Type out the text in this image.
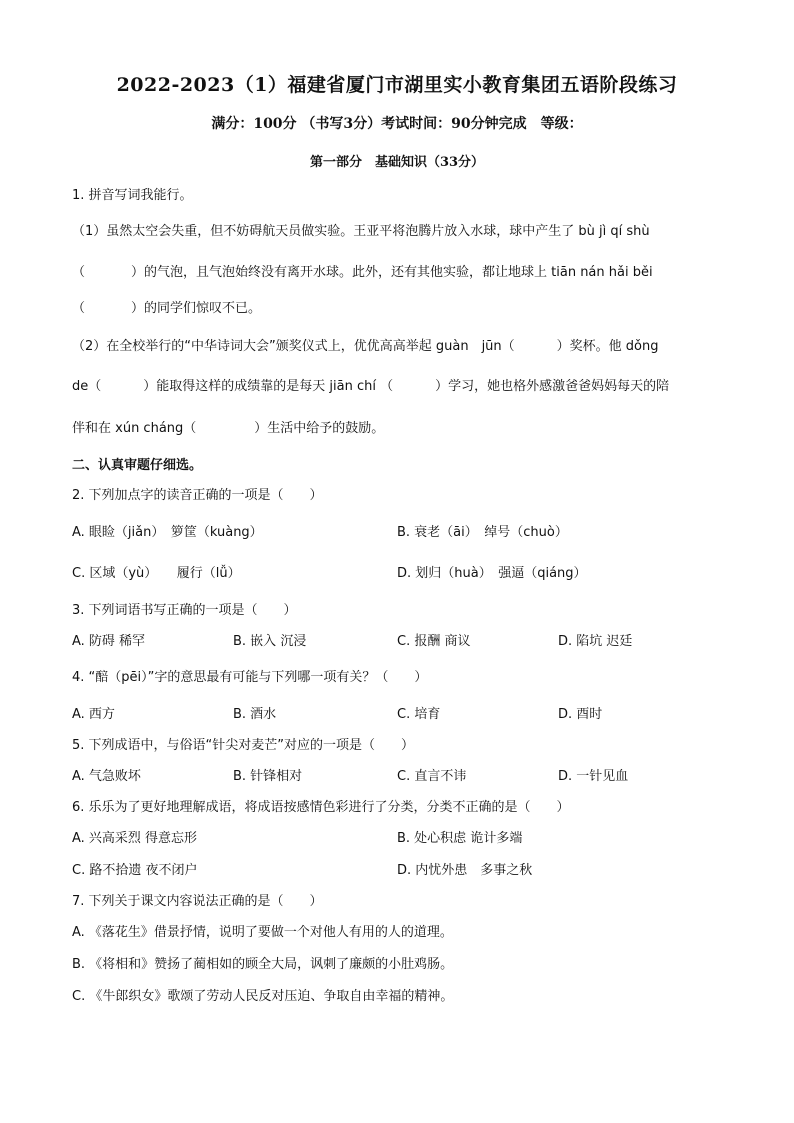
2022-2023（1）福建省厦门市湖里实小教育集团五语阶段练习
满分：100分 （书写3分）考试时间：90分钟完成　等级：
第一部分　基础知识（33分）
1. 拼音写词我能行。
（1）虽然太空会失重，但不妨碍航天员做实验。王亚平将泡腾片放入水球，球中产生了 bù jì qí shù
（	）的气泡，且气泡始终没有离开水球。此外，还有其他实验，都让地球上 tiān nán hǎi běi
（	）的同学们惊叹不已。
（2）在全校举行的“中华诗词大会”颁奖仪式上，优优高高举起 guàn　jūn（	）奖杯。他 dǒng
de（	）能取得这样的成绩靠的是每天 jiān chí （	）学习，她也格外感激爸爸妈妈每天的陪
伴和在 xún cháng（	）生活中给予的鼓励。
二、认真审题仔细选。
2. 下列加点字的读音正确的一项是（　　）
A. 眼睑（jiǎn）　箩筐（kuàng）	B. 衰老（āi）　绰号（chuò）
C. 区域（yù）　　履行（lǚ）	D. 划归（huà）　强逼（qiáng）
3. 下列词语书写正确的一项是（　　）
A. 防碍 稀罕	B. 嵌入 沉浸	C. 报酬 商议	D. 陷坑 迟廷
4. “醅（pēi）”字的意思最有可能与下列哪一项有关？（　　）
A. 西方	B. 酒水	C. 培育	D. 酉时
5. 下列成语中，与俗语“针尖对麦芒”对应的一项是（　　）
A. 气急败坏	B. 针锋相对	C. 直言不讳	D. 一针见血
6. 乐乐为了更好地理解成语，将成语按感情色彩进行了分类，分类不正确的是（　　）
A. 兴高采烈 得意忘形	B. 处心积虑 诡计多端
C. 路不拾遗 夜不闭户	D. 内忧外患　多事之秋
7. 下列关于课文内容说法正确的是（　　）
A. 《落花生》借景抒情，说明了要做一个对他人有用的人的道理。
B. 《将相和》赞扬了蔺相如的顾全大局，讽刺了廉颇的小肚鸡肠。
C. 《牛郎织女》歌颂了劳动人民反对压迫、争取自由幸福的精神。
